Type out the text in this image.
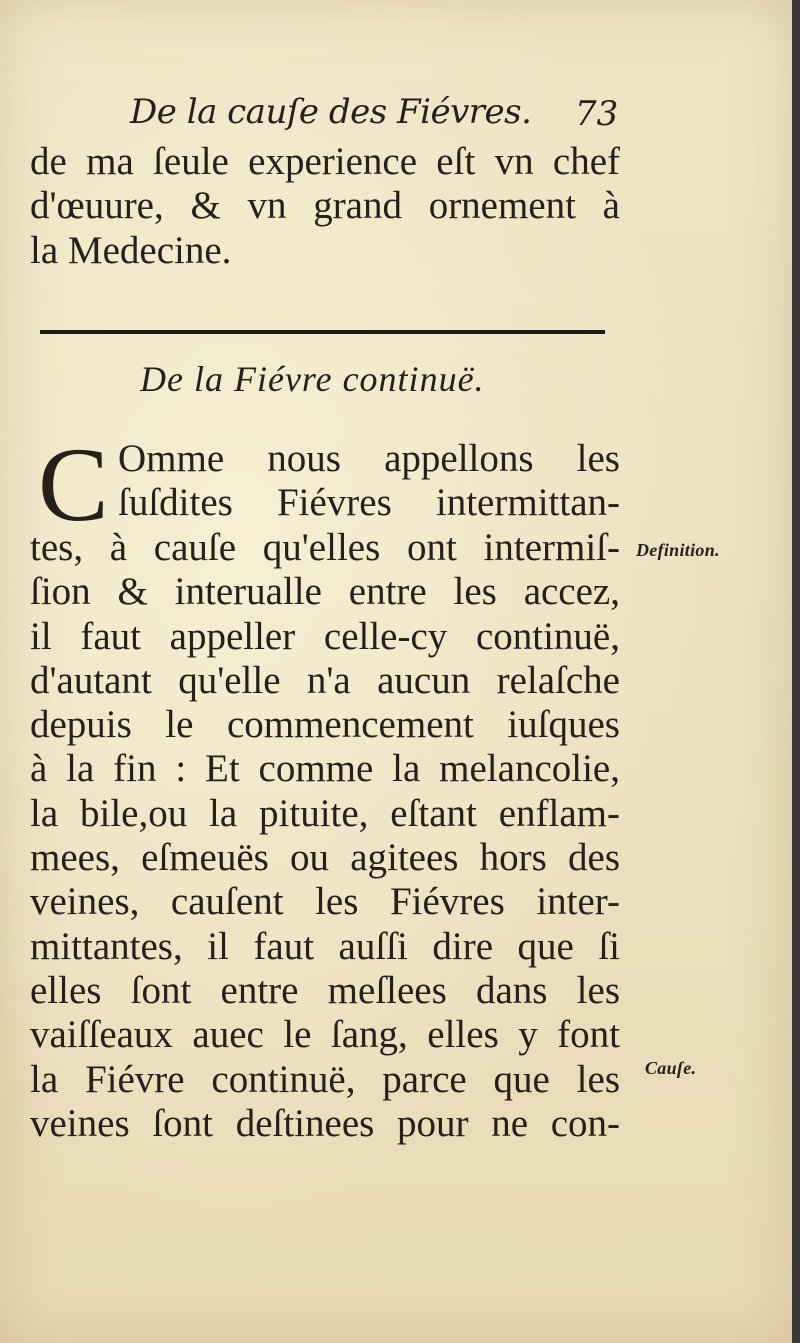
De la cauſe des Fiévres. 73
de ma ſeule experience eſt vn chef
d'œuure, & vn grand ornement à
la Medecine.
De la Fiévre continuë.
C Omme nous appellons les
ſuſdites Fiévres intermittan-
tes, à cauſe qu'elles ont intermiſ-
ſion & interualle entre les accez,
il faut appeller celle-cy continuë,
d'autant qu'elle n'a aucun relaſche
depuis le commencement iuſques
à la fin : Et comme la melancolie,
la bile,ou la pituite, eſtant enflam-
mees, eſmeuës ou agitees hors des
veines, cauſent les Fiévres inter-
mittantes, il faut auſſi dire que ſi
elles ſont entre meſlees dans les
vaiſſeaux auec le ſang, elles y font
la Fiévre continuë, parce que les
veines ſont deſtinees pour ne con-
Definition.
Cauſe.
